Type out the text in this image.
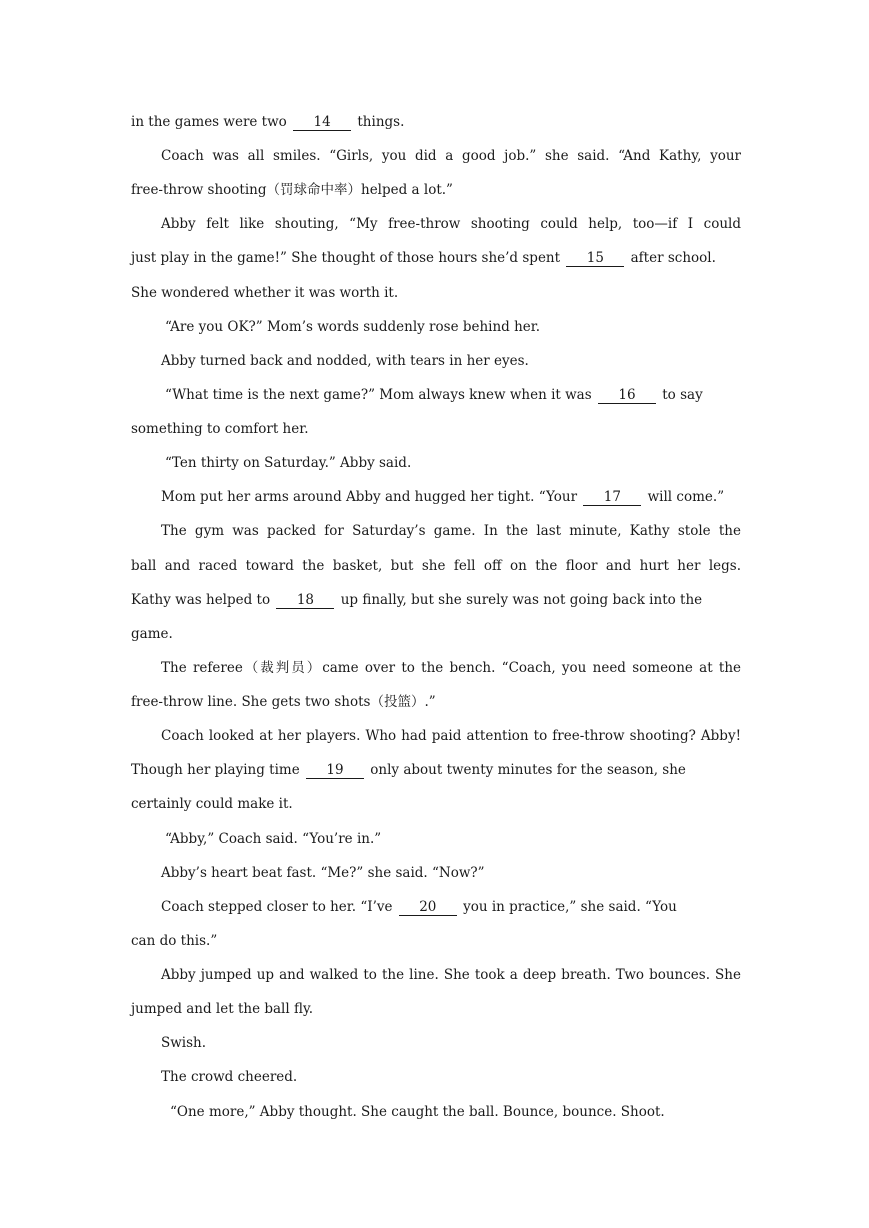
in the games were two 14 things.
Coach was all smiles. “Girls, you did a good job.” she said. “And Kathy, your
free-throw shooting（罚球命中率）helped a lot.”
Abby felt like shouting, “My free-throw shooting could help, too—if I could
just play in the game!” She thought of those hours she’d spent 15 after school.
She wondered whether it was worth it.
“Are you OK?” Mom’s words suddenly rose behind her.
Abby turned back and nodded, with tears in her eyes.
“What time is the next game?” Mom always knew when it was 16 to say
something to comfort her.
“Ten thirty on Saturday.” Abby said.
Mom put her arms around Abby and hugged her tight. “Your 17 will come.”
The gym was packed for Saturday’s game. In the last minute, Kathy stole the
ball and raced toward the basket, but she fell off on the floor and hurt her legs.
Kathy was helped to 18 up finally, but she surely was not going back into the
game.
The referee（裁判员）came over to the bench. “Coach, you need someone at the
free-throw line. She gets two shots（投篮）.”
Coach looked at her players. Who had paid attention to free-throw shooting? Abby!
Though her playing time 19 only about twenty minutes for the season, she
certainly could make it.
“Abby,” Coach said. “You’re in.”
Abby’s heart beat fast. “Me?” she said. “Now?”
Coach stepped closer to her. “I’ve 20 you in practice,” she said. “You
can do this.”
Abby jumped up and walked to the line. She took a deep breath. Two bounces. She
jumped and let the ball fly.
Swish.
The crowd cheered.
“One more,” Abby thought. She caught the ball. Bounce, bounce. Shoot.
